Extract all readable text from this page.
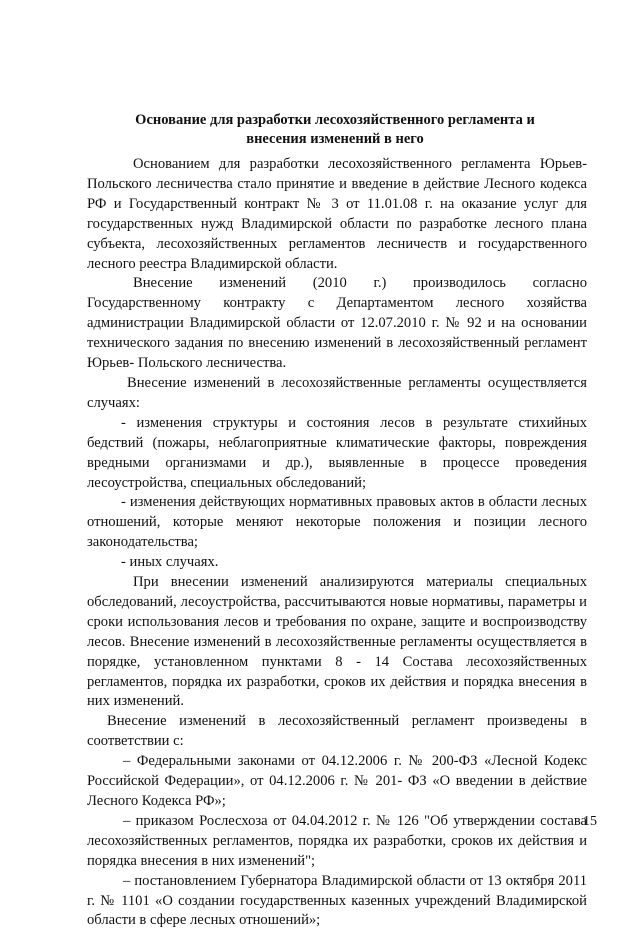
Основание для разработки лесохозяйственного регламента и внесения изменений в него

Основанием для разработки лесохозяйственного регламента Юрьев-Польского лесничества стало принятие и введение в действие Лесного кодекса РФ и Государственный контракт № 3 от 11.01.08 г. на оказание услуг для государственных нужд Владимирской области по разработке лесного плана субъекта, лесохозяйственных регламентов лесничеств и государственного лесного реестра Владимирской области.

Внесение изменений (2010 г.) производилось согласно Государственному контракту с Департаментом лесного хозяйства администрации Владимирской области от 12.07.2010 г. № 92 и на основании технического задания по внесению изменений в лесохозяйственный регламент Юрьев- Польского лесничества.

Внесение изменений в лесохозяйственные регламенты осуществляется случаях:

- изменения структуры и состояния лесов в результате стихийных бедствий (пожары, неблагоприятные климатические факторы, повреждения вредными организмами и др.), выявленные в процессе проведения лесоустройства, специальных обследований;

- изменения действующих нормативных правовых актов в области лесных отношений, которые меняют некоторые положения и позиции лесного законодательства;

- иных случаях.

При внесении изменений анализируются материалы специальных обследований, лесоустройства, рассчитываются новые нормативы, параметры и сроки использования лесов и требования по охране, защите и воспроизводству лесов. Внесение изменений в лесохозяйственные регламенты осуществляется в порядке, установленном пунктами 8 - 14 Состава лесохозяйственных регламентов, порядка их разработки, сроков их действия и порядка внесения в них изменений.

Внесение изменений в лесохозяйственный регламент произведены в соответствии с:

– Федеральными законами от 04.12.2006 г. № 200-ФЗ «Лесной Кодекс Российской Федерации», от 04.12.2006 г. № 201- ФЗ «О введении в действие Лесного Кодекса РФ»;

– приказом Рослесхоза от 04.04.2012 г. № 126 "Об утверждении состава лесохозяйственных регламентов, порядка их разработки, сроков их действия и порядка внесения в них изменений";

– постановлением Губернатора Владимирской области от 13 октября 2011 г. № 1101 «О создании государственных казенных учреждений Владимирской области в сфере лесных отношений»;

15
